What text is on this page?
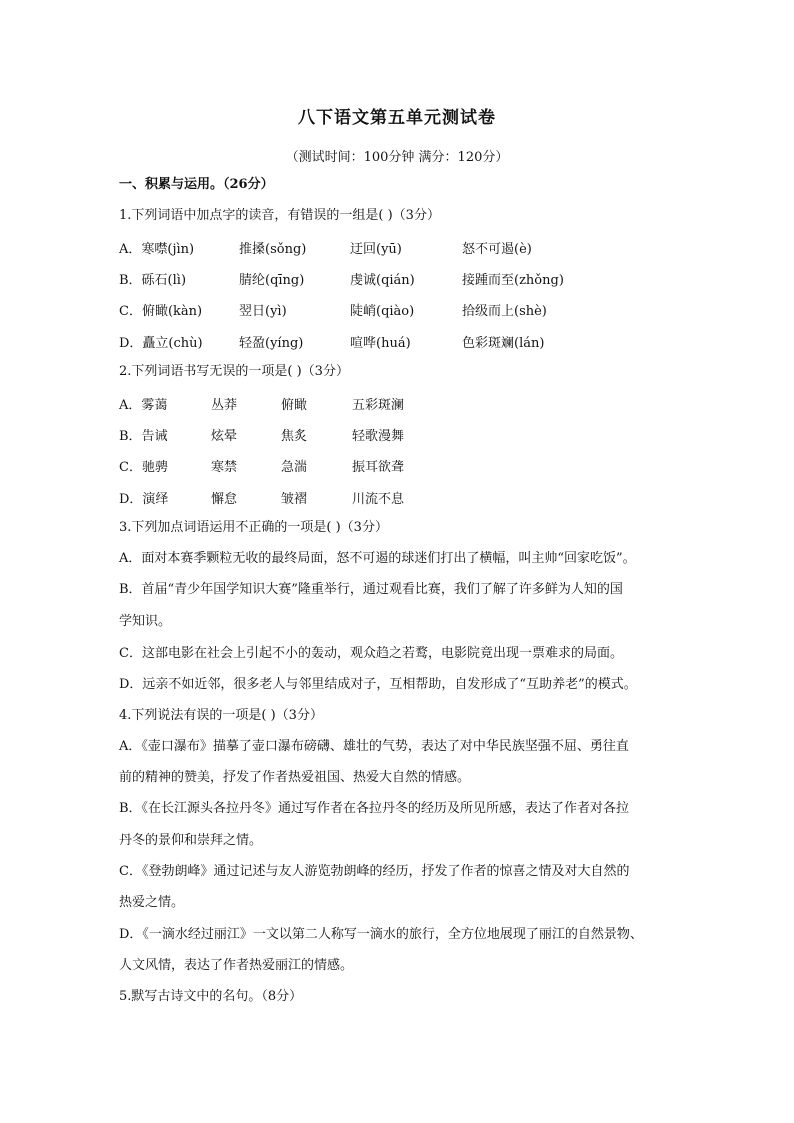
八下语文第五单元测试卷
（测试时间：100分钟 满分：120分）
一、积累与运用。（26分）
1.下列词语中加点字的读音，有错误的一组是( )（3分）
A．寒噤(jìn)	推搡(sǒng)	迂回(yū)	怒不可遏(è)
B．砾石(lì)	腈纶(qīng)	虔诚(qián)	接踵而至(zhǒng)
C．俯瞰(kàn)	翌日(yì)	陡峭(qiào)	拾级而上(shè)
D．矗立(chù)	轻盈(yíng)	喧哗(huá)	色彩斑斓(lán)
2.下列词语书写无误的一项是( )（3分）
A．雾蔼	丛莽	俯瞰	五彩斑澜
B．告诫	炫晕	焦炙	轻歌漫舞
C．驰骋	寒禁	急湍	振耳欲聋
D．演绎	懈怠	皱褶	川流不息
3.下列加点词语运用不正确的一项是( )（3分）
A．面对本赛季颗粒无收的最终局面，怒不可遏的球迷们打出了横幅，叫主帅“回家吃饭”。
B．首届“青少年国学知识大赛”隆重举行，通过观看比赛，我们了解了许多鲜为人知的国
学知识。
C．这部电影在社会上引起不小的轰动，观众趋之若鹜，电影院竟出现一票难求的局面。
D．远亲不如近邻，很多老人与邻里结成对子，互相帮助，自发形成了“互助养老”的模式。
4.下列说法有误的一项是( )（3分）
A．《壶口瀑布》描摹了壶口瀑布磅礴、雄壮的气势，表达了对中华民族坚强不屈、勇往直
前的精神的赞美，抒发了作者热爱祖国、热爱大自然的情感。
B．《在长江源头各拉丹冬》通过写作者在各拉丹冬的经历及所见所感，表达了作者对各拉
丹冬的景仰和崇拜之情。
C．《登勃朗峰》通过记述与友人游览勃朗峰的经历，抒发了作者的惊喜之情及对大自然的
热爱之情。
D．《一滴水经过丽江》一文以第二人称写一滴水的旅行，全方位地展现了丽江的自然景物、
人文风情，表达了作者热爱丽江的情感。
5.默写古诗文中的名句。（8分）
